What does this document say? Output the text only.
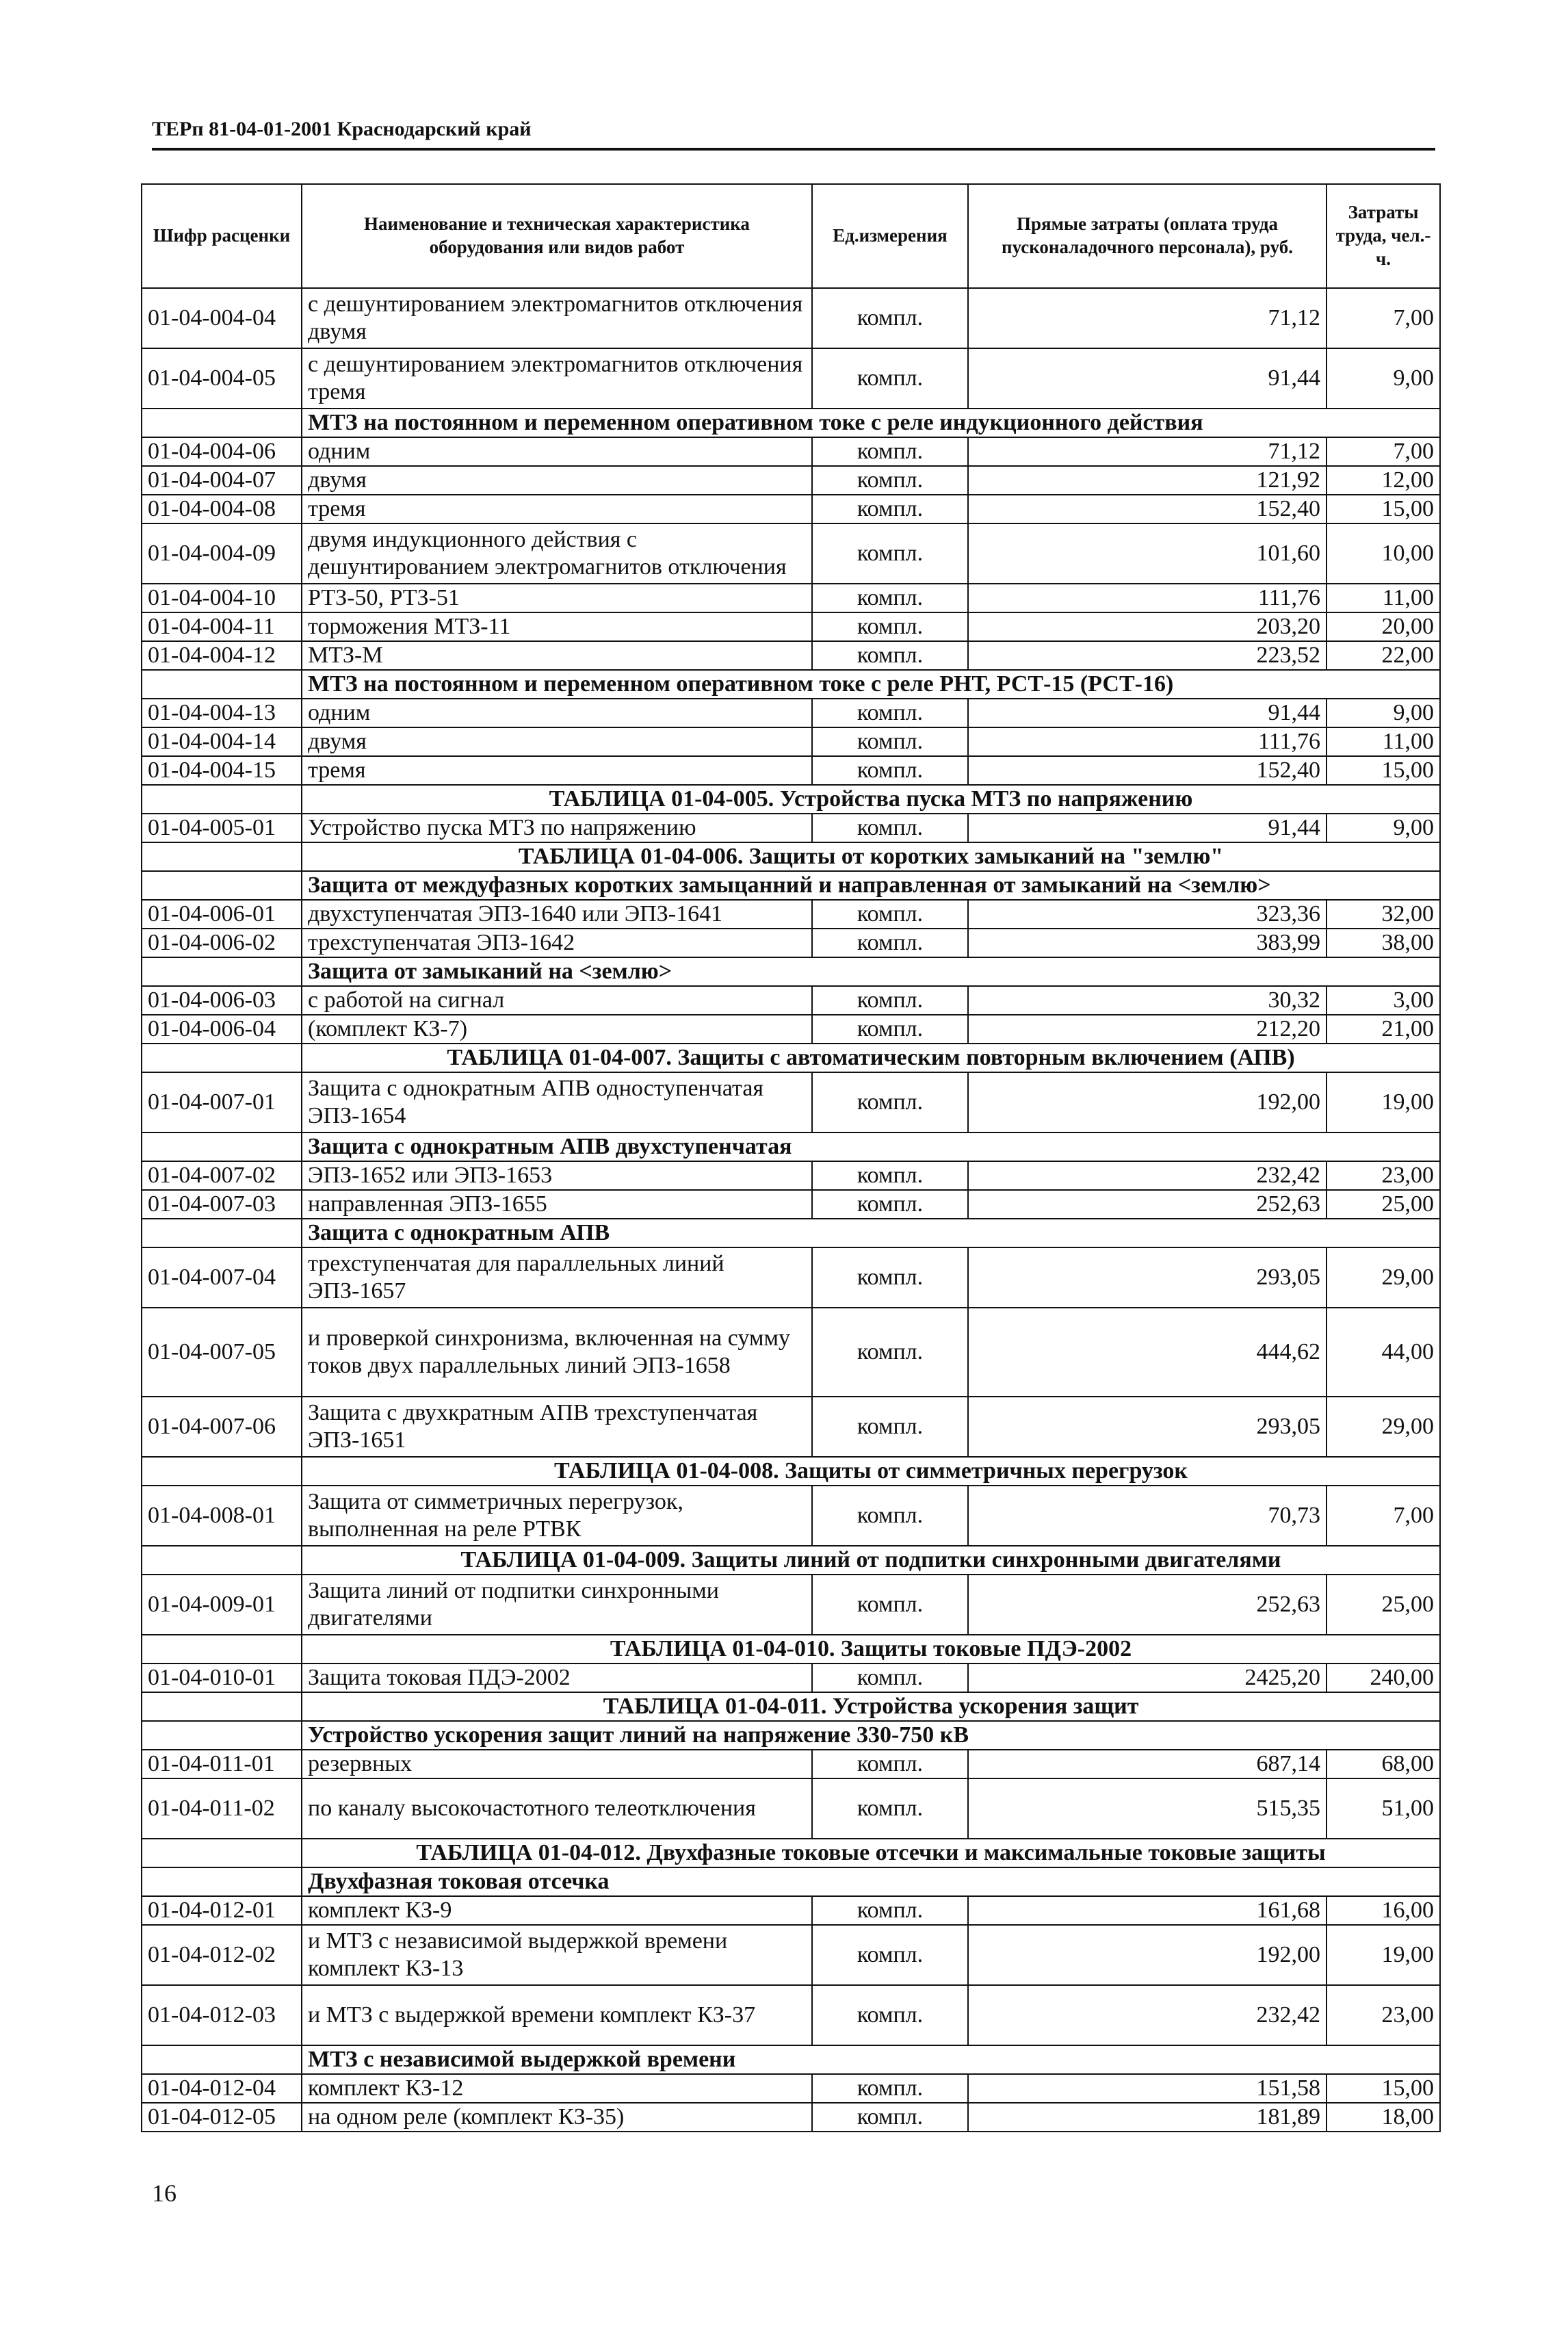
ТЕРп 81-04-01-2001 Краснодарский край
Шифр расценки	Наименование и техническая характеристика оборудования или видов работ	Ед.измерения	Прямые затраты (оплата труда пусконаладочного персонала), руб.	Затраты труда, чел.-ч.
01-04-004-04	с дешунтированием электромагнитов отключения двумя	компл.	71,12	7,00
01-04-004-05	с дешунтированием электромагнитов отключения тремя	компл.	91,44	9,00
	МТЗ на постоянном и переменном оперативном токе с реле индукционного действия			
01-04-004-06	одним	компл.	71,12	7,00
01-04-004-07	двумя	компл.	121,92	12,00
01-04-004-08	тремя	компл.	152,40	15,00
01-04-004-09	двумя индукционного действия с дешунтированием электромагнитов отключения	компл.	101,60	10,00
01-04-004-10	РТЗ-50, РТЗ-51	компл.	111,76	11,00
01-04-004-11	торможения МТЗ-11	компл.	203,20	20,00
01-04-004-12	МТЗ-М	компл.	223,52	22,00
	МТЗ на постоянном и переменном оперативном токе с реле РНТ, РСТ-15 (РСТ-16)			
01-04-004-13	одним	компл.	91,44	9,00
01-04-004-14	двумя	компл.	111,76	11,00
01-04-004-15	тремя	компл.	152,40	15,00
	ТАБЛИЦА 01-04-005. Устройства пуска МТЗ по напряжению			
01-04-005-01	Устройство пуска МТЗ по напряжению	компл.	91,44	9,00
	ТАБЛИЦА 01-04-006. Защиты от коротких замыканий на "землю"			
	Защита от междуфазных коротких замыцанний и направленная от замыканий на <землю>			
01-04-006-01	двухступенчатая ЭПЗ-1640 или ЭПЗ-1641	компл.	323,36	32,00
01-04-006-02	трехступенчатая ЭПЗ-1642	компл.	383,99	38,00
	Защита от замыканий на <землю>			
01-04-006-03	с работой на сигнал	компл.	30,32	3,00
01-04-006-04	(комплект КЗ-7)	компл.	212,20	21,00
	ТАБЛИЦА 01-04-007. Защиты с автоматическим повторным включением (АПВ)			
01-04-007-01	Защита с однократным АПВ одноступенчатая ЭПЗ-1654	компл.	192,00	19,00
	Защита с однократным АПВ двухступенчатая			
01-04-007-02	ЭПЗ-1652 или ЭПЗ-1653	компл.	232,42	23,00
01-04-007-03	направленная ЭПЗ-1655	компл.	252,63	25,00
	Защита с однократным АПВ			
01-04-007-04	трехступенчатая для параллельных линий ЭПЗ-1657	компл.	293,05	29,00
01-04-007-05	и проверкой синхронизма, включенная на сумму токов двух параллельных линий ЭПЗ-1658	компл.	444,62	44,00
01-04-007-06	Защита с двухкратным АПВ трехступенчатая ЭПЗ-1651	компл.	293,05	29,00
	ТАБЛИЦА 01-04-008. Защиты от симметричных перегрузок			
01-04-008-01	Защита от симметричных перегрузок, выполненная на реле РТВК	компл.	70,73	7,00
	ТАБЛИЦА 01-04-009. Защиты линий от подпитки синхронными двигателями			
01-04-009-01	Защита линий от подпитки синхронными двигателями	компл.	252,63	25,00
	ТАБЛИЦА 01-04-010. Защиты токовые ПДЭ-2002			
01-04-010-01	Защита токовая ПДЭ-2002	компл.	2425,20	240,00
	ТАБЛИЦА 01-04-011. Устройства ускорения защит			
	Устройство ускорения защит линий на напряжение 330-750 кВ			
01-04-011-01	резервных	компл.	687,14	68,00
01-04-011-02	по каналу высокочастотного телеотключения	компл.	515,35	51,00
	ТАБЛИЦА 01-04-012. Двухфазные токовые отсечки и максимальные токовые защиты			
	Двухфазная токовая отсечка			
01-04-012-01	комплект КЗ-9	компл.	161,68	16,00
01-04-012-02	и МТЗ с независимой выдержкой времени комплект КЗ-13	компл.	192,00	19,00
01-04-012-03	и МТЗ с выдержкой времени комплект КЗ-37	компл.	232,42	23,00
	МТЗ с независимой выдержкой времени			
01-04-012-04	комплект КЗ-12	компл.	151,58	15,00
01-04-012-05	на одном реле (комплект КЗ-35)	компл.	181,89	18,00
16
